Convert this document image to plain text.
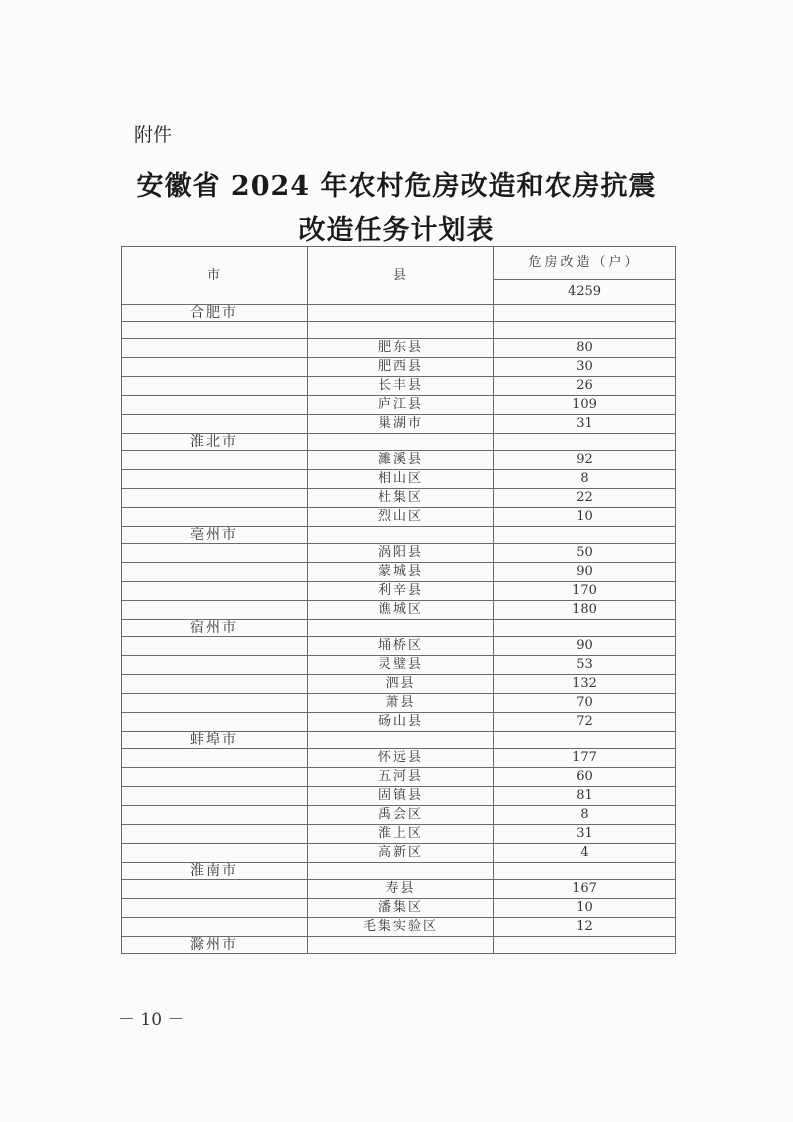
附件
安徽省 2024 年农村危房改造和农房抗震
改造任务计划表
市	县	危房改造（户）
		4259
合肥市		

	肥东县	80
	肥西县	30
	长丰县	26
	庐江县	109
	巢湖市	31
淮北市		
	濉溪县	92
	相山区	8
	杜集区	22
	烈山区	10
亳州市		
	涡阳县	50
	蒙城县	90
	利辛县	170
	谯城区	180
宿州市		
	埇桥区	90
	灵璧县	53
	泗县	132
	萧县	70
	砀山县	72
蚌埠市		
	怀远县	177
	五河县	60
	固镇县	81
	禹会区	8
	淮上区	31
	高新区	4
淮南市		
	寿县	167
	潘集区	10
	毛集实验区	12
滁州市		
－ 10 －
